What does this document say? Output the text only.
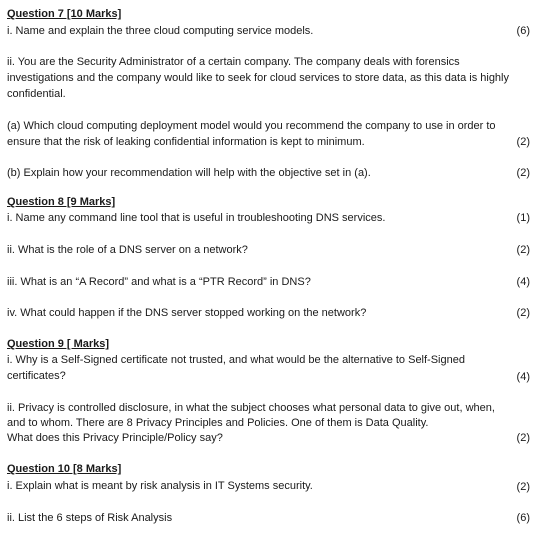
Question 7 [10 Marks]
i. Name and explain the three cloud computing service models.	(6)
ii. You are the Security Administrator of a certain company. The company deals with forensics
investigations and the company would like to seek for cloud services to store data, as this data is highly
confidential.
(a) Which cloud computing deployment model would you recommend the company to use in order to
ensure that the risk of leaking confidential information is kept to minimum.	(2)
(b) Explain how your recommendation will help with the objective set in (a).	(2)
Question 8 [9 Marks]
i. Name any command line tool that is useful in troubleshooting DNS services.	(1)
ii. What is the role of a DNS server on a network?	(2)
iii. What is an “A Record” and what is a “PTR Record” in DNS?	(4)
iv. What could happen if the DNS server stopped working on the network?	(2)
Question 9 [ Marks]
i. Why is a Self-Signed certificate not trusted, and what would be the alternative to Self-Signed
certificates?	(4)
ii. Privacy is controlled disclosure, in what the subject chooses what personal data to give out, when,
and to whom. There are 8 Privacy Principles and Policies. One of them is Data Quality.
What does this Privacy Principle/Policy say?	(2)
Question 10 [8 Marks]
i. Explain what is meant by risk analysis in IT Systems security.	(2)
ii. List the 6 steps of Risk Analysis	(6)
